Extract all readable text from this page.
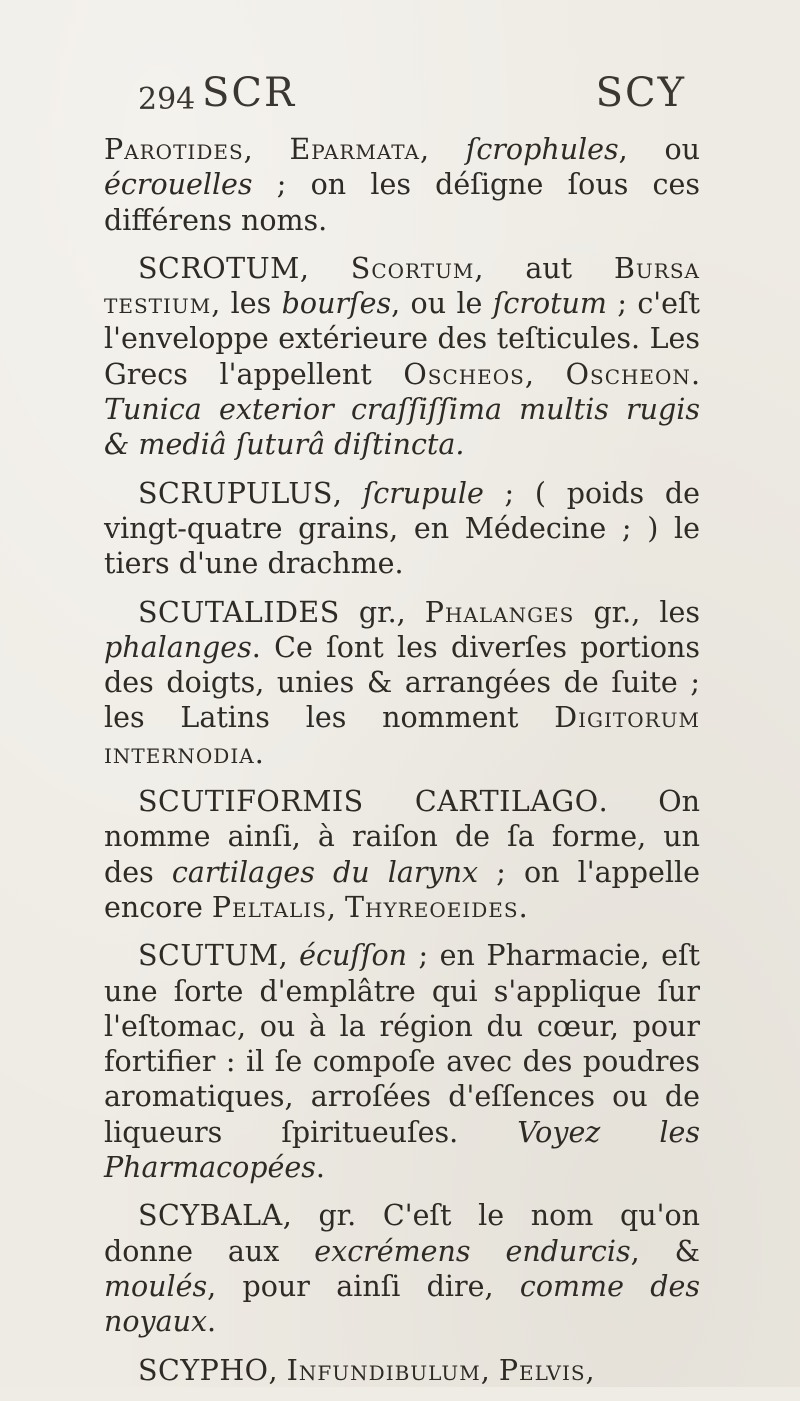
294 SCR	SCY

Parotides, Eparmata, ſcrophules, ou écrouelles ; on les déſigne ſous ces différens noms.

SCROTUM, Scortum, aut Bursa testium, les bourſes, ou le ſcrotum ; c'eſt l'enveloppe extérieure des teſticules. Les Grecs l'appellent Oscheos, Oscheon. Tunica exterior craſſiſſima multis rugis & mediâ ſuturâ diſtincta.

SCRUPULUS, ſcrupule ; ( poids de vingt-quatre grains, en Médecine ; ) le tiers d'une drachme.

SCUTALIDES gr., Phalanges gr., les phalanges. Ce ſont les diverſes portions des doigts, unies & arrangées de ſuite ; les Latins les nomment Digitorum internodia.

SCUTIFORMIS CARTILAGO. On nomme ainſi, à raiſon de ſa forme, un des cartilages du larynx ; on l'appelle encore Peltalis, Thyreoeides.

SCUTUM, écuſſon ; en Pharmacie, eſt une ſorte d'emplâtre qui s'applique ſur l'eſtomac, ou à la région du cœur, pour fortifier : il ſe compoſe avec des poudres aromatiques, arroſées d'eſſences ou de liqueurs ſpiritueuſes. Voyez les Pharmacopées.

SCYBALA, gr. C'eſt le nom qu'on donne aux excrémens endurcis, & moulés, pour ainſi dire, comme des noyaux.

SCYPHO, Infundibulum, Pelvis,
